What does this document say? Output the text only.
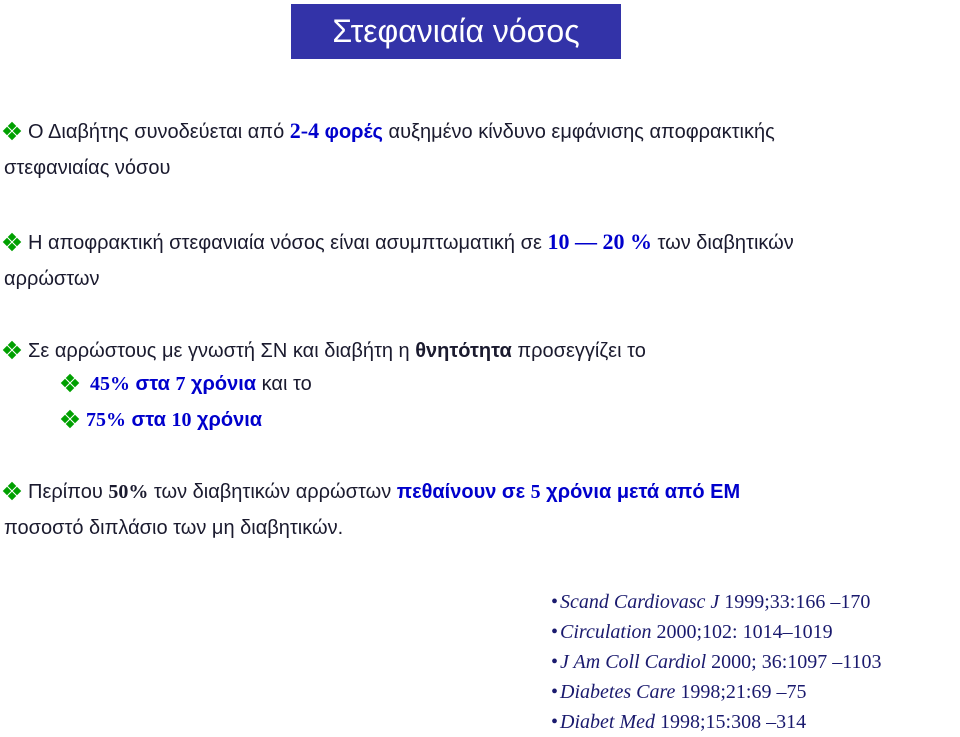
Στεφανιαία νόσος
Ο Διαβήτης συνοδεύεται από 2-4 φορές αυξημένο κίνδυνο εμφάνισης αποφρακτικής
στεφανιαίας νόσου
Η αποφρακτική στεφανιαία νόσος είναι ασυμπτωματική σε 10 — 20 % των διαβητικών
αρρώστων
Σε αρρώστους με γνωστή ΣΝ και διαβήτη η θνητότητα προσεγγίζει το
45% στα 7 χρόνια και το
75% στα 10 χρόνια
Περίπου 50% των διαβητικών αρρώστων πεθαίνουν σε 5 χρόνια μετά από ΕΜ
ποσοστό διπλάσιο των μη διαβητικών.
• Scand Cardiovasc J 1999;33:166 –170
• Circulation 2000;102: 1014–1019
• J Am Coll Cardiol 2000; 36:1097 –1103
• Diabetes Care 1998;21:69 –75
• Diabet Med 1998;15:308 –314
